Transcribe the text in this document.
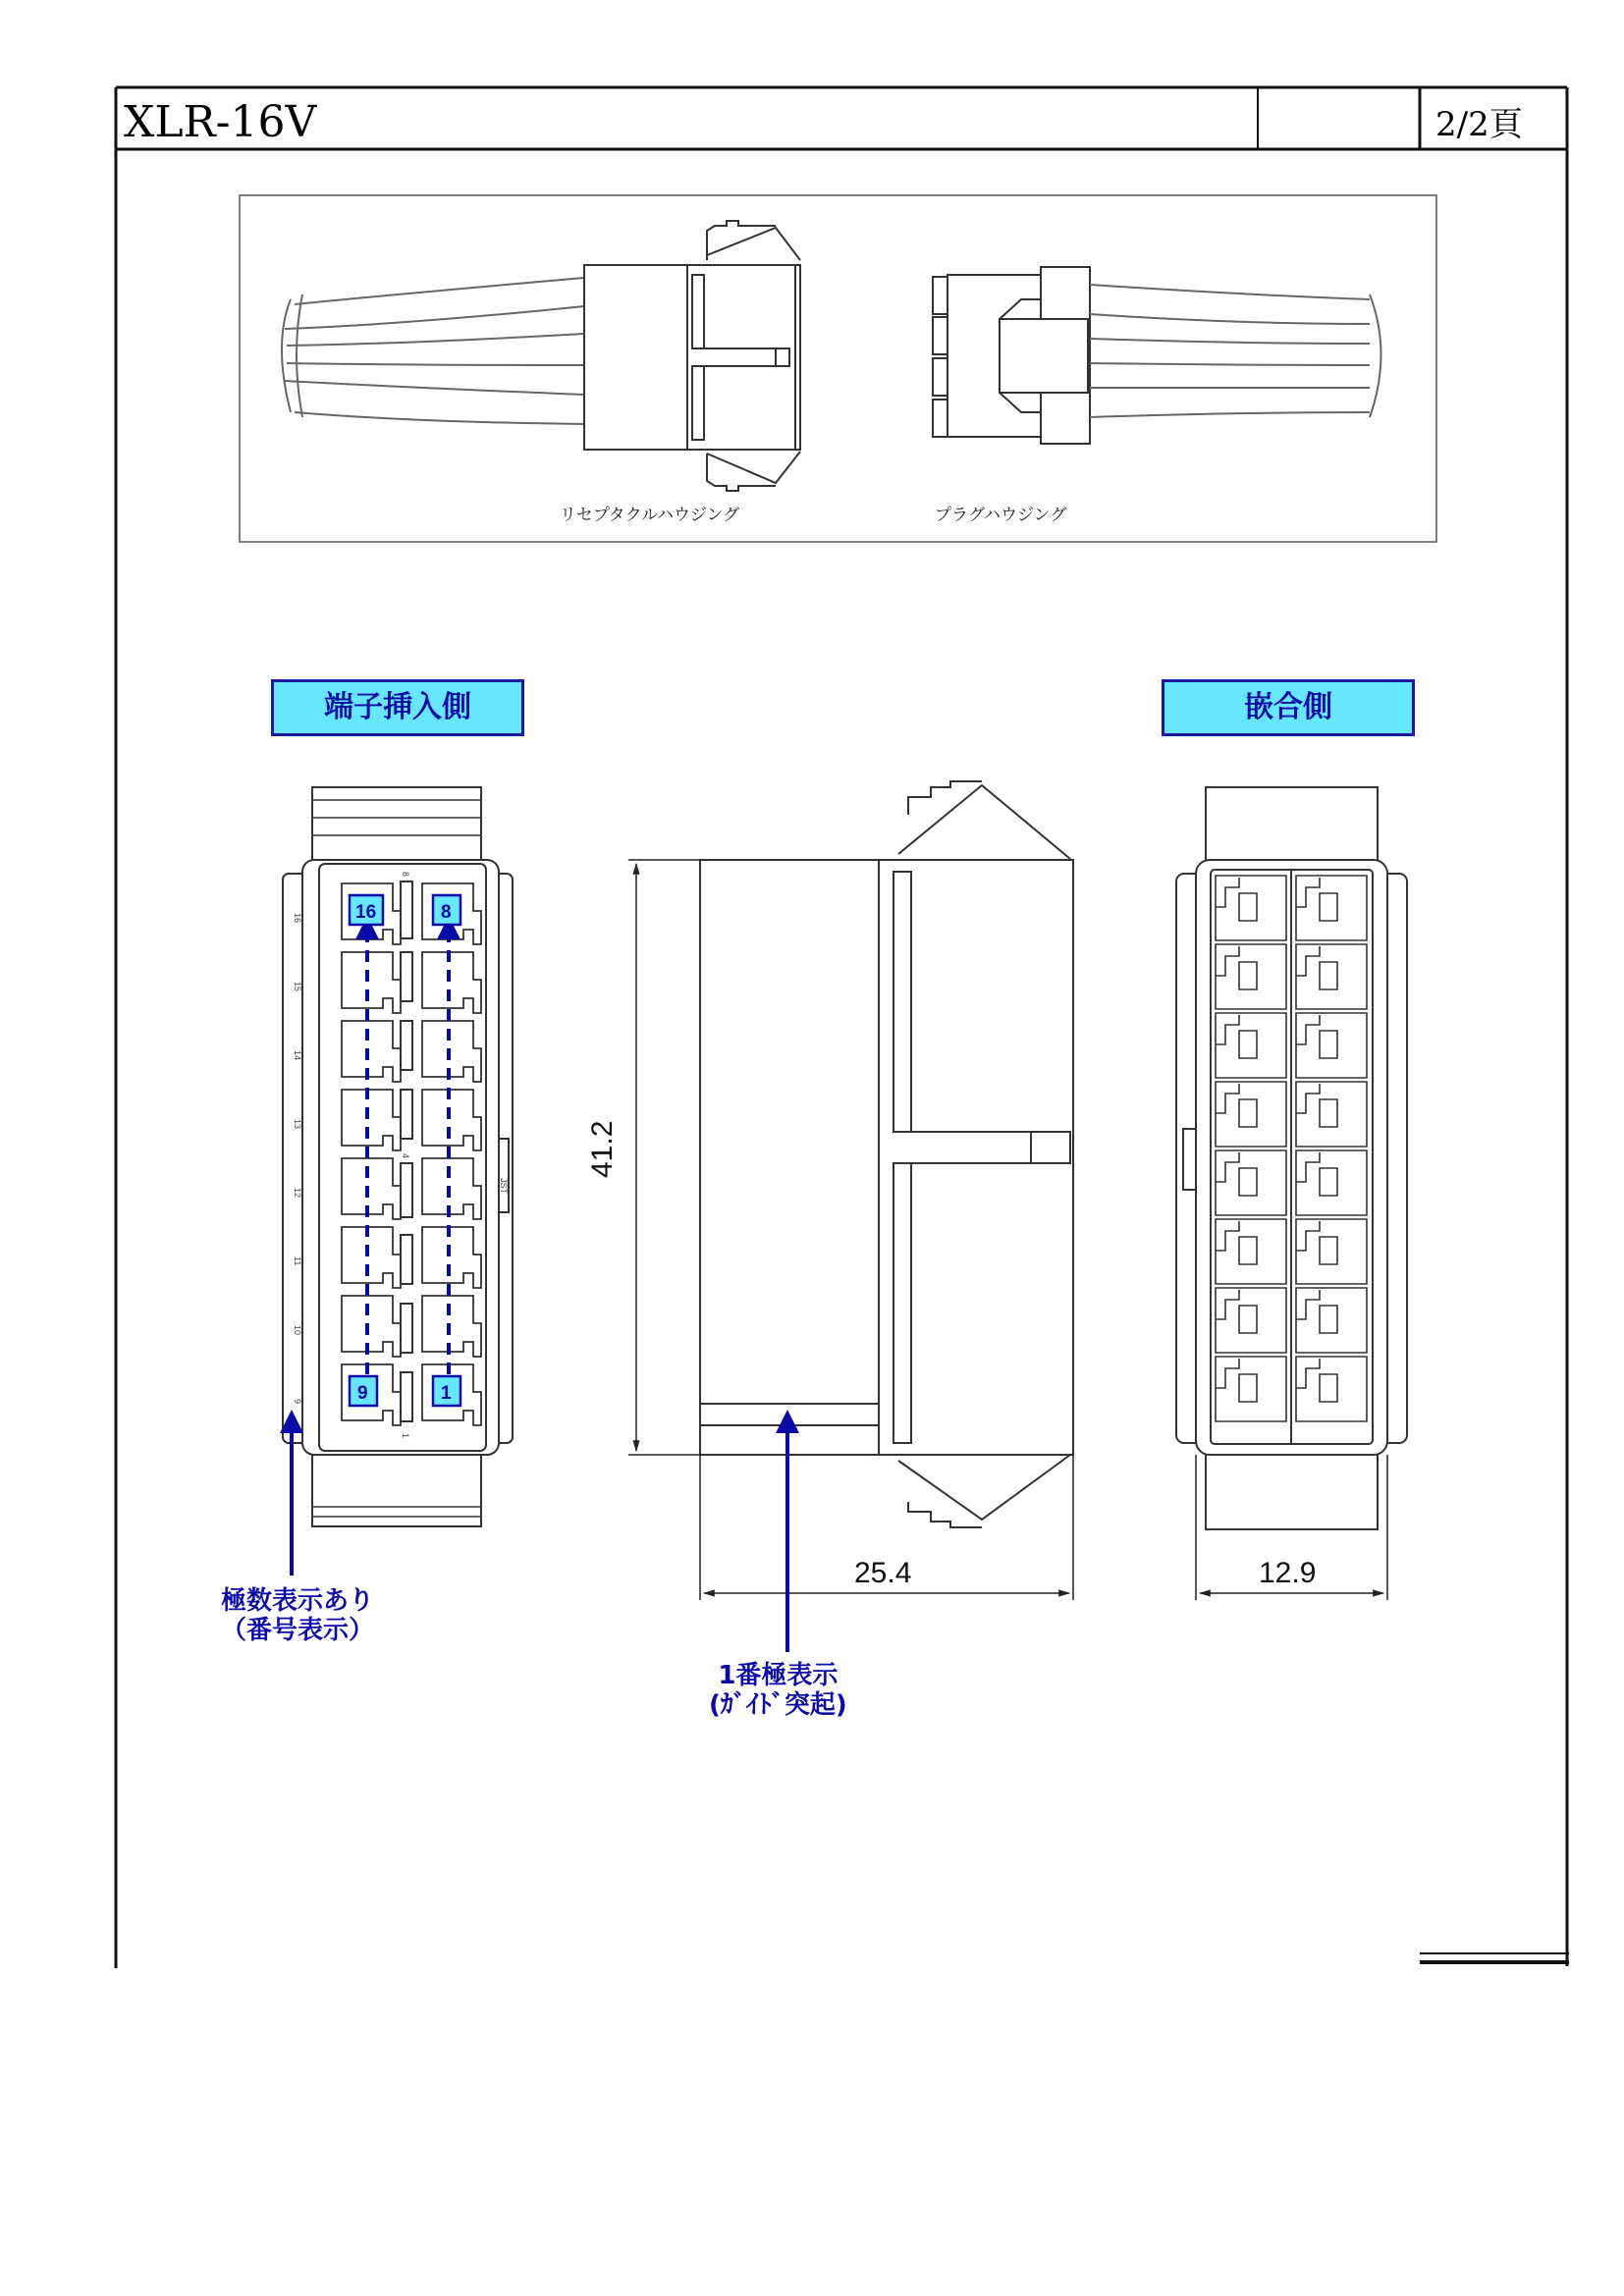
XLR-16V	2/2頁
リセプタクルハウジング	プラグハウジング
16	8
9	1
16
15
14
13
12
11
10
9
8
4
1
JST
41.2
25.4	12.9
端子挿入側	嵌合側
極数表示あり
（番号表示）
1番極表示
(ｶﾞｲﾄﾞ突起)
